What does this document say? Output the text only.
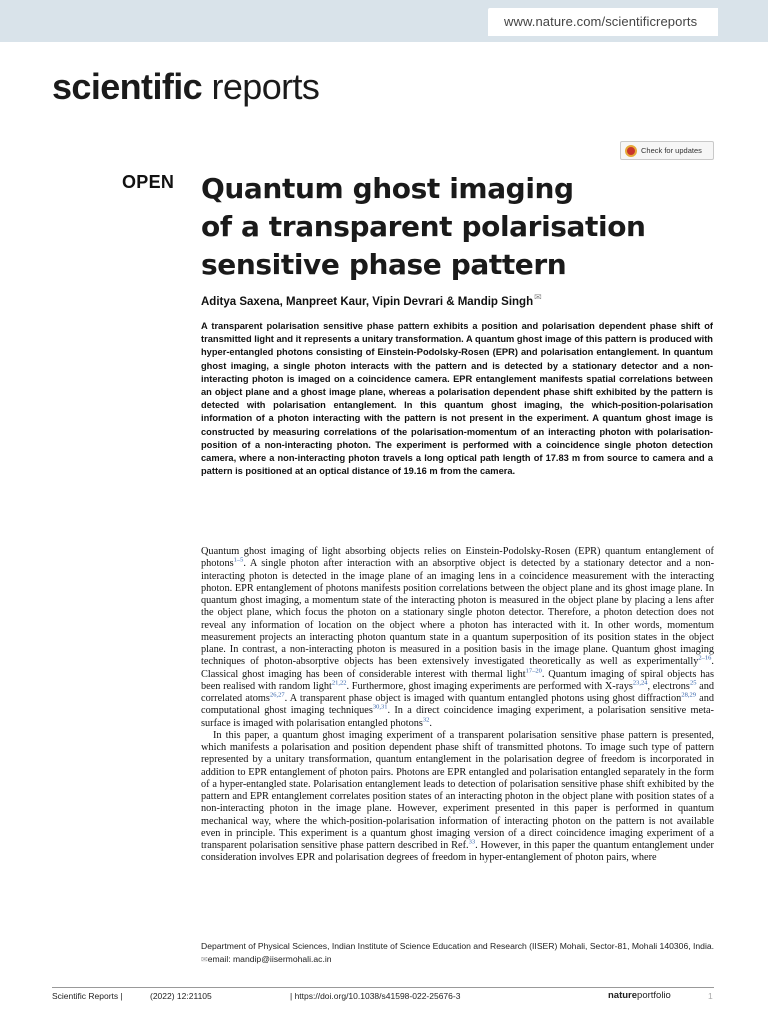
www.nature.com/scientificreports
scientific reports
Check for updates
OPEN Quantum ghost imaging
of a transparent polarisation
sensitive phase pattern
Aditya Saxena, Manpreet Kaur, Vipin Devrari & Mandip Singh✉

A transparent polarisation sensitive phase pattern exhibits a position and polarisation dependent phase shift of transmitted light and it represents a unitary transformation. A quantum ghost image of this pattern is produced with hyper-entangled photons consisting of Einstein-Podolsky-Rosen (EPR) and polarisation entanglement. In quantum ghost imaging, a single photon interacts with the pattern and is detected by a stationary detector and a non-interacting photon is imaged on a coincidence camera. EPR entanglement manifests spatial correlations between an object plane and a ghost image plane, whereas a polarisation dependent phase shift exhibited by the pattern is detected with polarisation entanglement. In this quantum ghost imaging, the which-position-polarisation information of a photon interacting with the pattern is not present in the experiment. A quantum ghost image is constructed by measuring correlations of the polarisation-momentum of an interacting photon with polarisation-position of a non-interacting photon. The experiment is performed with a coincidence single photon detection camera, where a non-interacting photon travels a long optical path length of 17.83 m from source to camera and a pattern is positioned at an optical distance of 19.16 m from the camera.

Quantum ghost imaging of light absorbing objects relies on Einstein-Podolsky-Rosen (EPR) quantum entanglement of photons$^{1-5}$. A single photon after interaction with an absorptive object is detected by a stationary detector and a non-interacting photon is detected in the image plane of an imaging lens in a coincidence measurement with the interacting photon. EPR entanglement of photons manifests position correlations between the object plane and its ghost image plane. In quantum ghost imaging, a momentum state of the interacting photon is measured in the object plane by placing a lens after the object plane, which focus the photon on a stationary single photon detector. Therefore, a photon detection does not reveal any information of location on the object where a photon has interacted with it. In other words, momentum measurement projects an interacting photon quantum state in a quantum superposition of its position states in the object plane. In contrast, a non-interacting photon is measured in a position basis in the image plane. Quantum ghost imaging techniques of photon-absorptive objects has been extensively investigated theoretically as well as experimentally$^{2-16}$. Classical ghost imaging has been of considerable interest with thermal light$^{17-20}$. Quantum imaging of spiral objects has been realised with random light$^{21,22}$. Furthermore, ghost imaging experiments are performed with X-rays$^{23,24}$, electrons$^{25}$ and correlated atoms$^{26,27}$. A transparent phase object is imaged with quantum entangled photons using ghost diffraction$^{28,29}$ and computational ghost imaging techniques$^{30,31}$. In a direct coincidence imaging experiment, a polarisation sensitive meta-surface is imaged with polarisation entangled photons$^{32}$.

In this paper, a quantum ghost imaging experiment of a transparent polarisation sensitive phase pattern is presented, which manifests a polarisation and position dependent phase shift of transmitted photons. To image such type of pattern represented by a unitary transformation, quantum entanglement in the polarisation degree of freedom is incorporated in addition to EPR entanglement of photon pairs. Photons are EPR entangled and polarisation entangled separately in the form of a hyper-entangled state. Polarisation entanglement leads to detection of polarisation sensitive phase shift exhibited by the pattern and EPR entanglement correlates position states of an interacting photon in the object plane with position states of a non-interacting photon in the image plane. However, experiment presented in this paper is performed in quantum mechanical way, where the which-position-polarisation information of interacting photon on the pattern is not available even in principle. This experiment is a quantum ghost imaging version of a direct coincidence imaging experiment of a transparent polarisation sensitive phase pattern described in Ref.$^{33}$. However, in this paper the quantum entanglement under consideration involves EPR and polarisation degrees of freedom in hyper-entanglement of photon pairs, where

Department of Physical Sciences, Indian Institute of Science Education and Research (IISER) Mohali, Sector-81, Mohali 140306, India. ✉email: mandip@iisermohali.ac.in
Scientific Reports |	(2022) 12:21105	| https://doi.org/10.1038/s41598-022-25676-3	natureportfolio	1
